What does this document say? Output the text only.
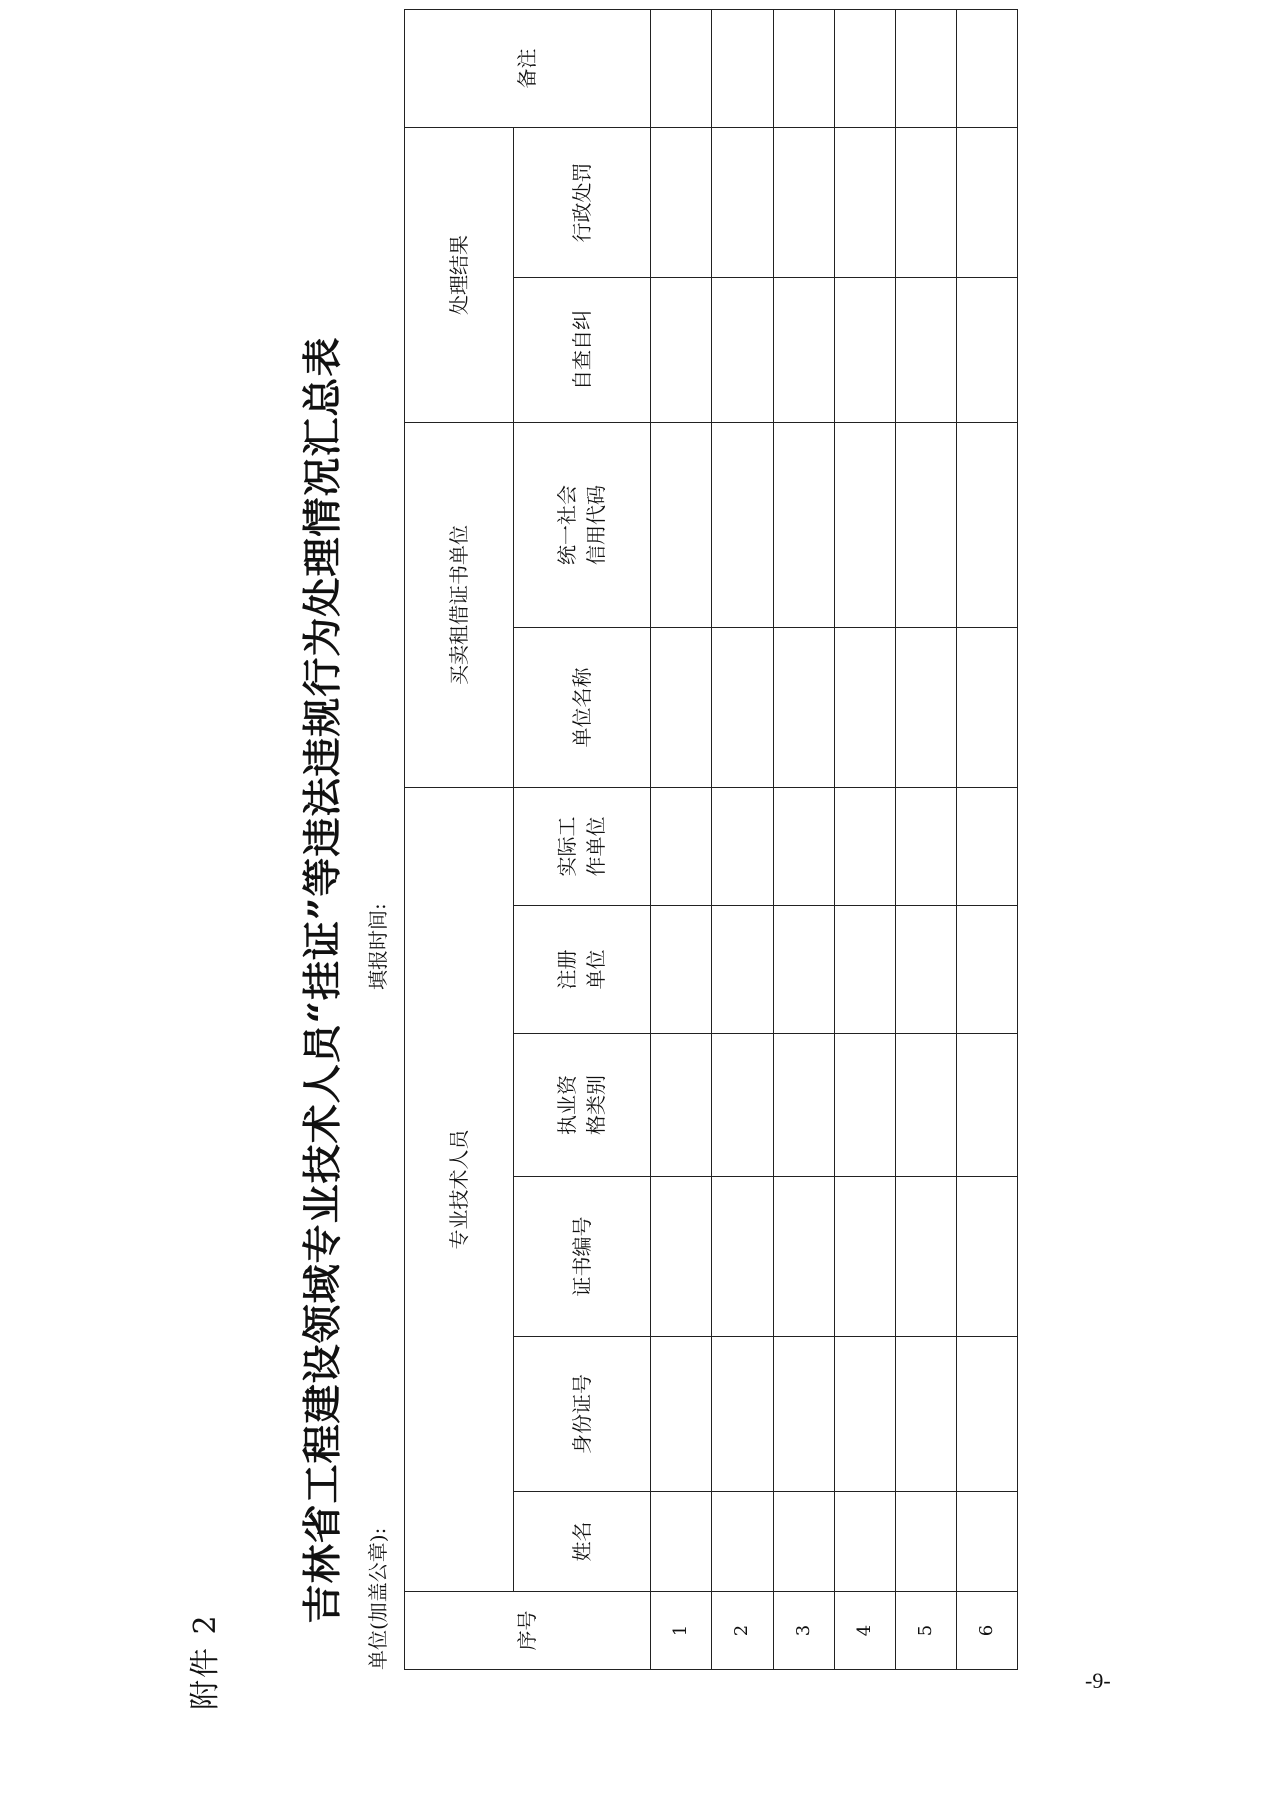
附件 2
吉林省工程建设领域专业技术人员“挂证”等违法违规行为处理情况汇总表 单位(加盖公章):
填报时间:
序号	专业技术人员						买卖租借证书单位		处理结果		备注
	姓名	身份证号	证书编号	执业资 格类别	注册 单位	实际工 作单位	单位名称	统一社会 信用代码	自查自纠	行政处罚	
1											
2											
3											
4											
5											
6											
-9-
